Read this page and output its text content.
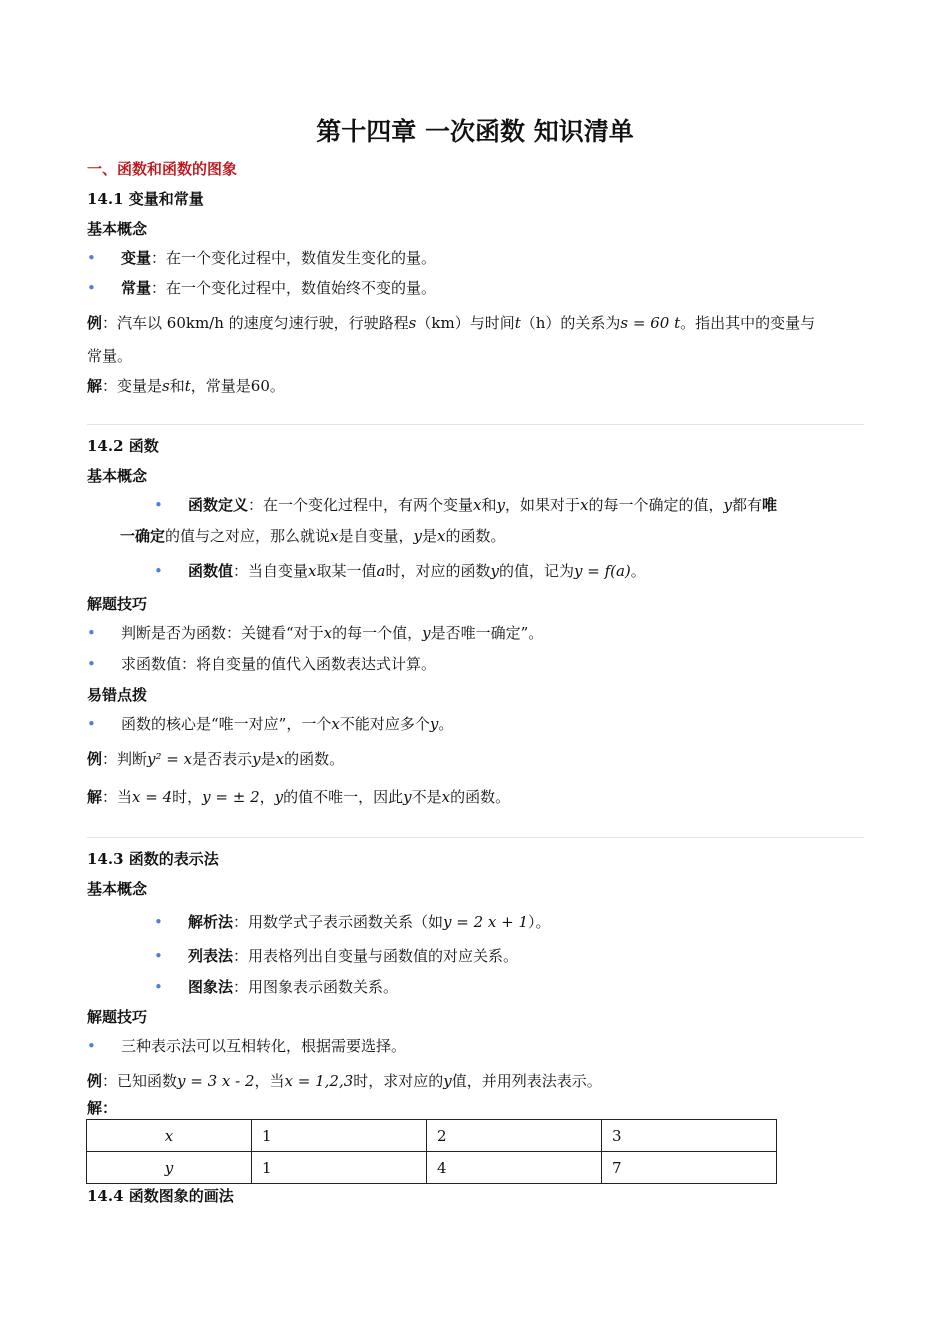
第十四章 一次函数 知识清单
一、函数和函数的图象
14.1 变量和常量
基本概念
• 变量：在一个变化过程中，数值发生变化的量。
• 常量：在一个变化过程中，数值始终不变的量。
例：汽车以 60km/h 的速度匀速行驶，行驶路程s（km）与时间t（h）的关系为s = 60 t。指出其中的变量与
常量。
解：变量是s和t，常量是60。
14.2 函数
基本概念
• 函数定义：在一个变化过程中，有两个变量x和y，如果对于x的每一个确定的值，y都有唯
一确定的值与之对应，那么就说x是自变量，y是x的函数。
• 函数值：当自变量x取某一值a时，对应的函数y的值，记为y = f(a)。
解题技巧
• 判断是否为函数：关键看“对于x的每一个值，y是否唯一确定”。
• 求函数值：将自变量的值代入函数表达式计算。
易错点拨
• 函数的核心是“唯一对应”，一个x不能对应多个y。
例：判断y² = x是否表示y是x的函数。
解：当x = 4时，y = ± 2，y的值不唯一，因此y不是x的函数。
14.3 函数的表示法
基本概念
• 解析法：用数学式子表示函数关系（如y = 2 x + 1）。
• 列表法：用表格列出自变量与函数值的对应关系。
• 图象法：用图象表示函数关系。
解题技巧
• 三种表示法可以互相转化，根据需要选择。
例：已知函数y = 3 x - 2，当x = 1,2,3时，求对应的y值，并用列表法表示。
解：
x	1	2	3
y	1	4	7
14.4 函数图象的画法
